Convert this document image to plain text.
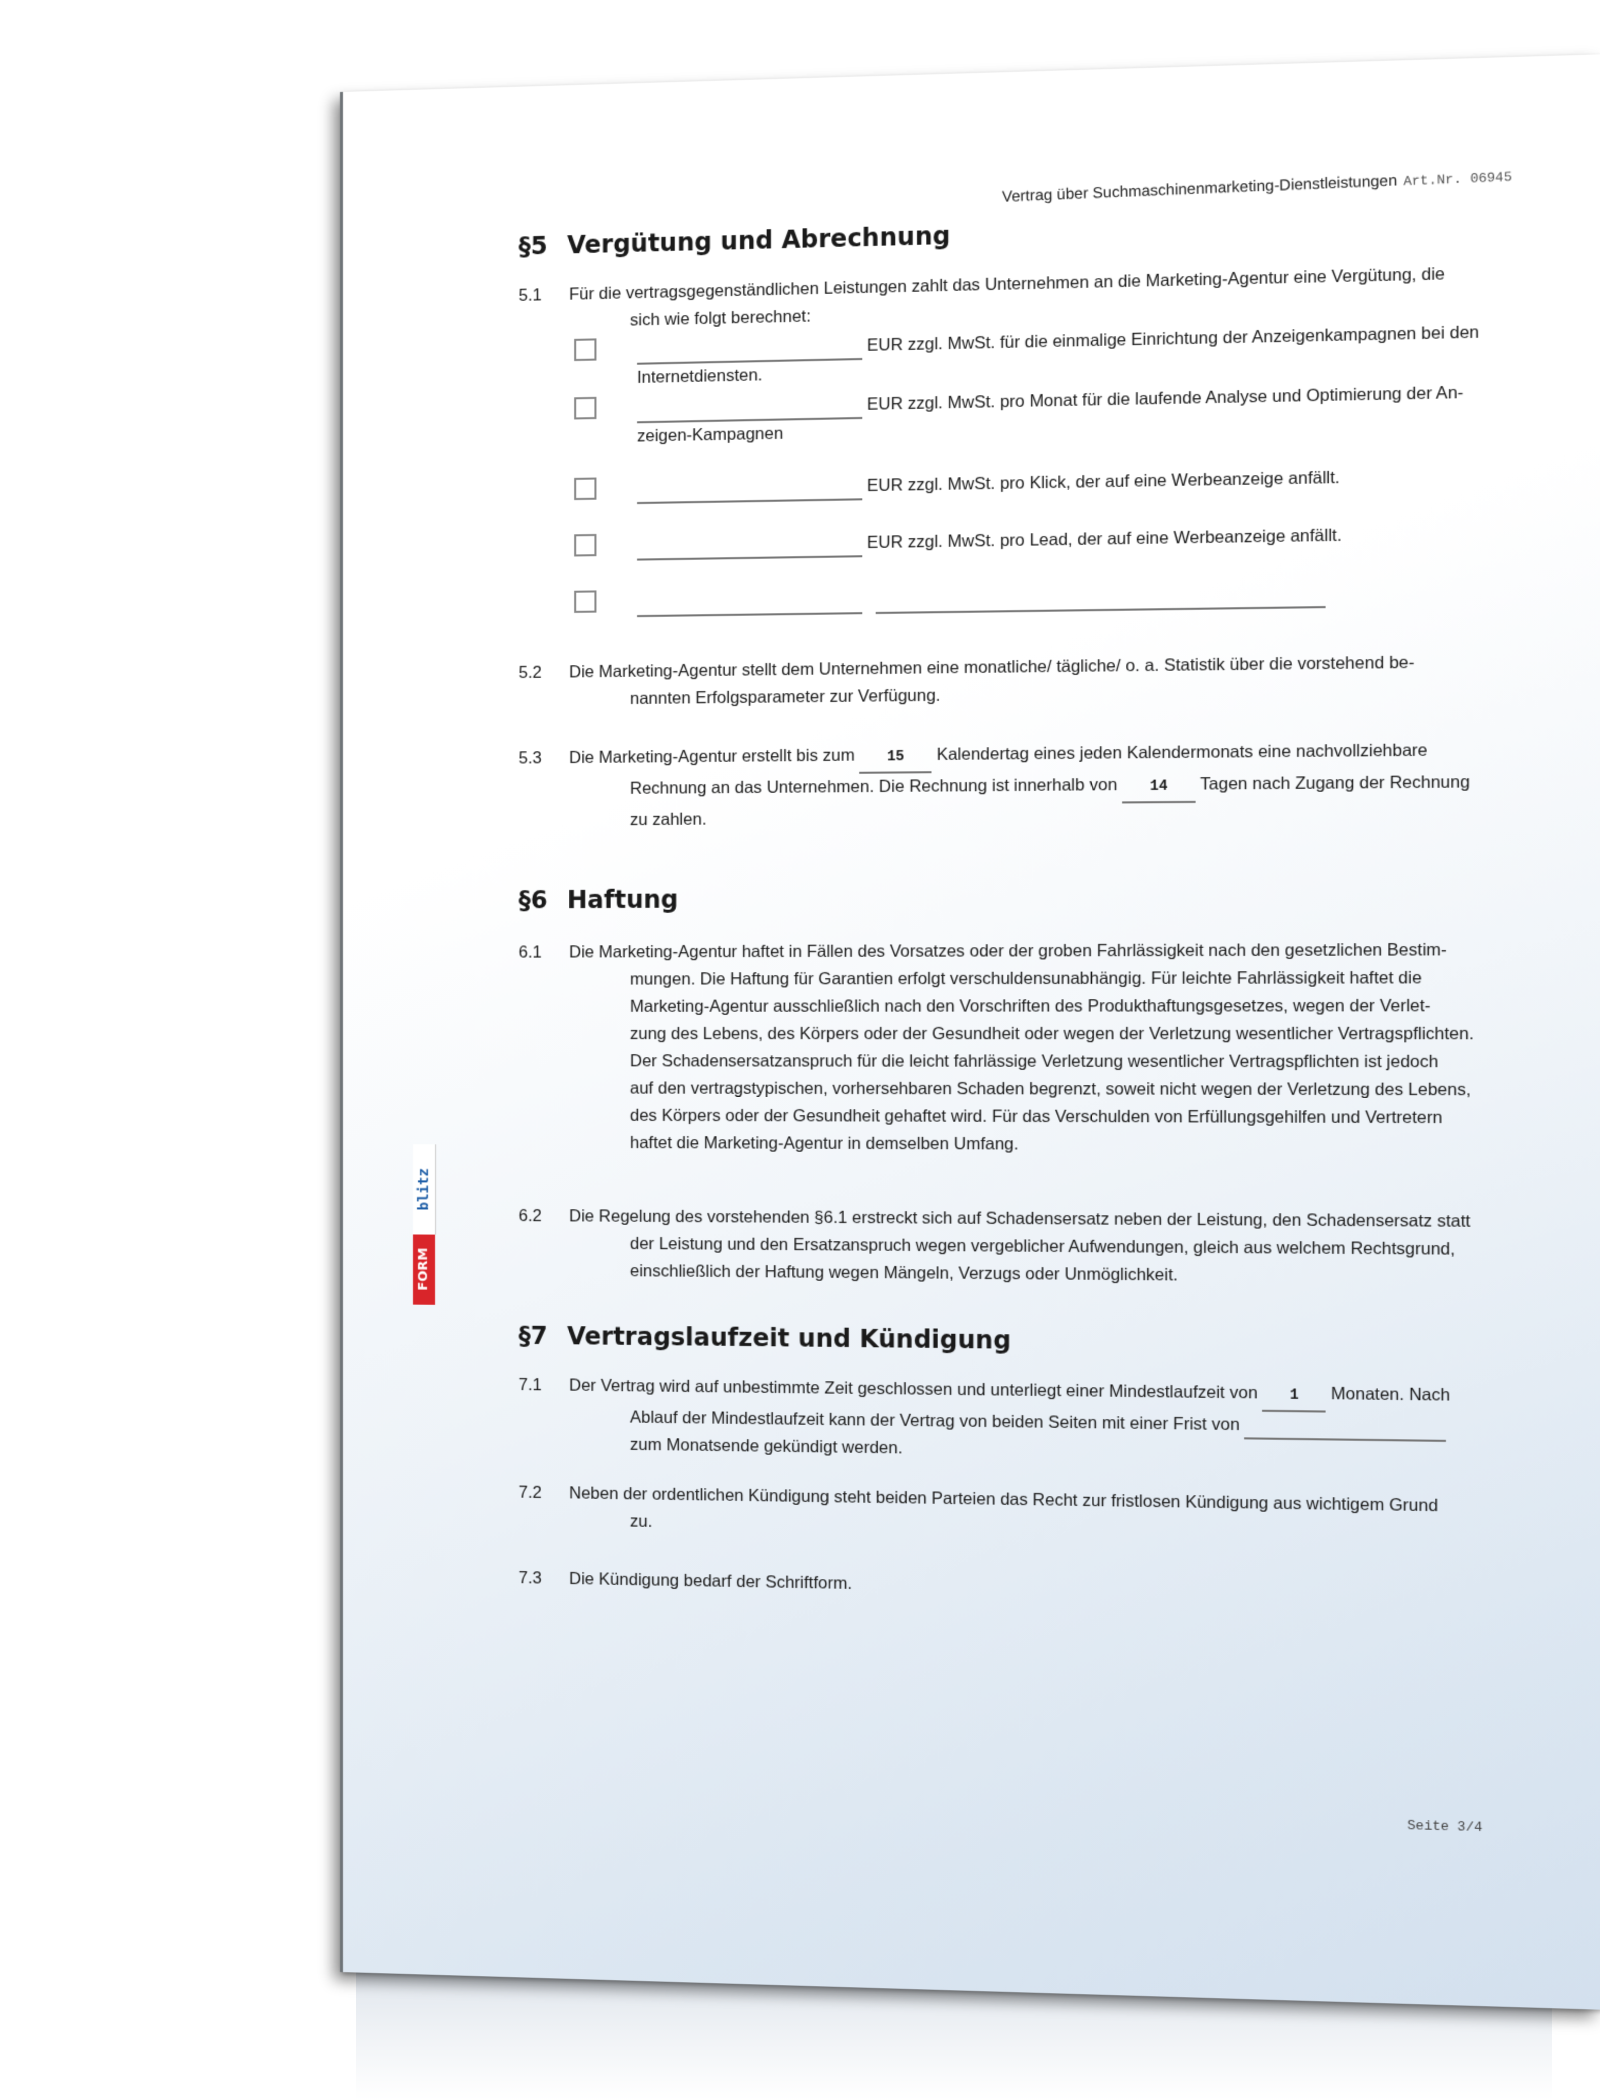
Vertrag über Suchmaschinenmarketing-Dienstleistungen Art.Nr. 06945
blitz
FORM
§5 Vergütung und Abrechnung
5.1	Für die vertragsgegenständlichen Leistungen zahlt das Unternehmen an die Marketing-Agentur eine Vergütung, die
sich wie folgt berechnet:
EUR zzgl. MwSt. für die einmalige Einrichtung der Anzeigenkampagnen bei den
Internetdiensten.
EUR zzgl. MwSt. pro Monat für die laufende Analyse und Optimierung der An-
zeigen-Kampagnen
EUR zzgl. MwSt. pro Klick, der auf eine Werbeanzeige anfällt.
EUR zzgl. MwSt. pro Lead, der auf eine Werbeanzeige anfällt.

5.2	Die Marketing-Agentur stellt dem Unternehmen eine monatliche/ tägliche/ o. a. Statistik über die vorstehend be-
nannten Erfolgsparameter zur Verfügung.
5.3	Die Marketing-Agentur erstellt bis zum 15 Kalendertag eines jeden Kalendermonats eine nachvollziehbare
Rechnung an das Unternehmen. Die Rechnung ist innerhalb von 14 Tagen nach Zugang der Rechnung
zu zahlen.
§6 Haftung
6.1	Die Marketing-Agentur haftet in Fällen des Vorsatzes oder der groben Fahrlässigkeit nach den gesetzlichen Bestim-
mungen. Die Haftung für Garantien erfolgt verschuldensunabhängig. Für leichte Fahrlässigkeit haftet die
Marketing-Agentur ausschließlich nach den Vorschriften des Produkthaftungsgesetzes, wegen der Verlet-
zung des Lebens, des Körpers oder der Gesundheit oder wegen der Verletzung wesentlicher Vertragspflichten.
Der Schadensersatzanspruch für die leicht fahrlässige Verletzung wesentlicher Vertragspflichten ist jedoch
auf den vertragstypischen, vorhersehbaren Schaden begrenzt, soweit nicht wegen der Verletzung des Lebens,
des Körpers oder der Gesundheit gehaftet wird. Für das Verschulden von Erfüllungsgehilfen und Vertretern
haftet die Marketing-Agentur in demselben Umfang.
6.2	Die Regelung des vorstehenden §6.1 erstreckt sich auf Schadensersatz neben der Leistung, den Schadensersatz statt
der Leistung und den Ersatzanspruch wegen vergeblicher Aufwendungen, gleich aus welchem Rechtsgrund,
einschließlich der Haftung wegen Mängeln, Verzugs oder Unmöglichkeit.
§7 Vertragslaufzeit und Kündigung
7.1	Der Vertrag wird auf unbestimmte Zeit geschlossen und unterliegt einer Mindestlaufzeit von 1 Monaten. Nach
Ablauf der Mindestlaufzeit kann der Vertrag von beiden Seiten mit einer Frist von
zum Monatsende gekündigt werden.
7.2	Neben der ordentlichen Kündigung steht beiden Parteien das Recht zur fristlosen Kündigung aus wichtigem Grund
zu.
7.3	Die Kündigung bedarf der Schriftform.
Seite 3/4
